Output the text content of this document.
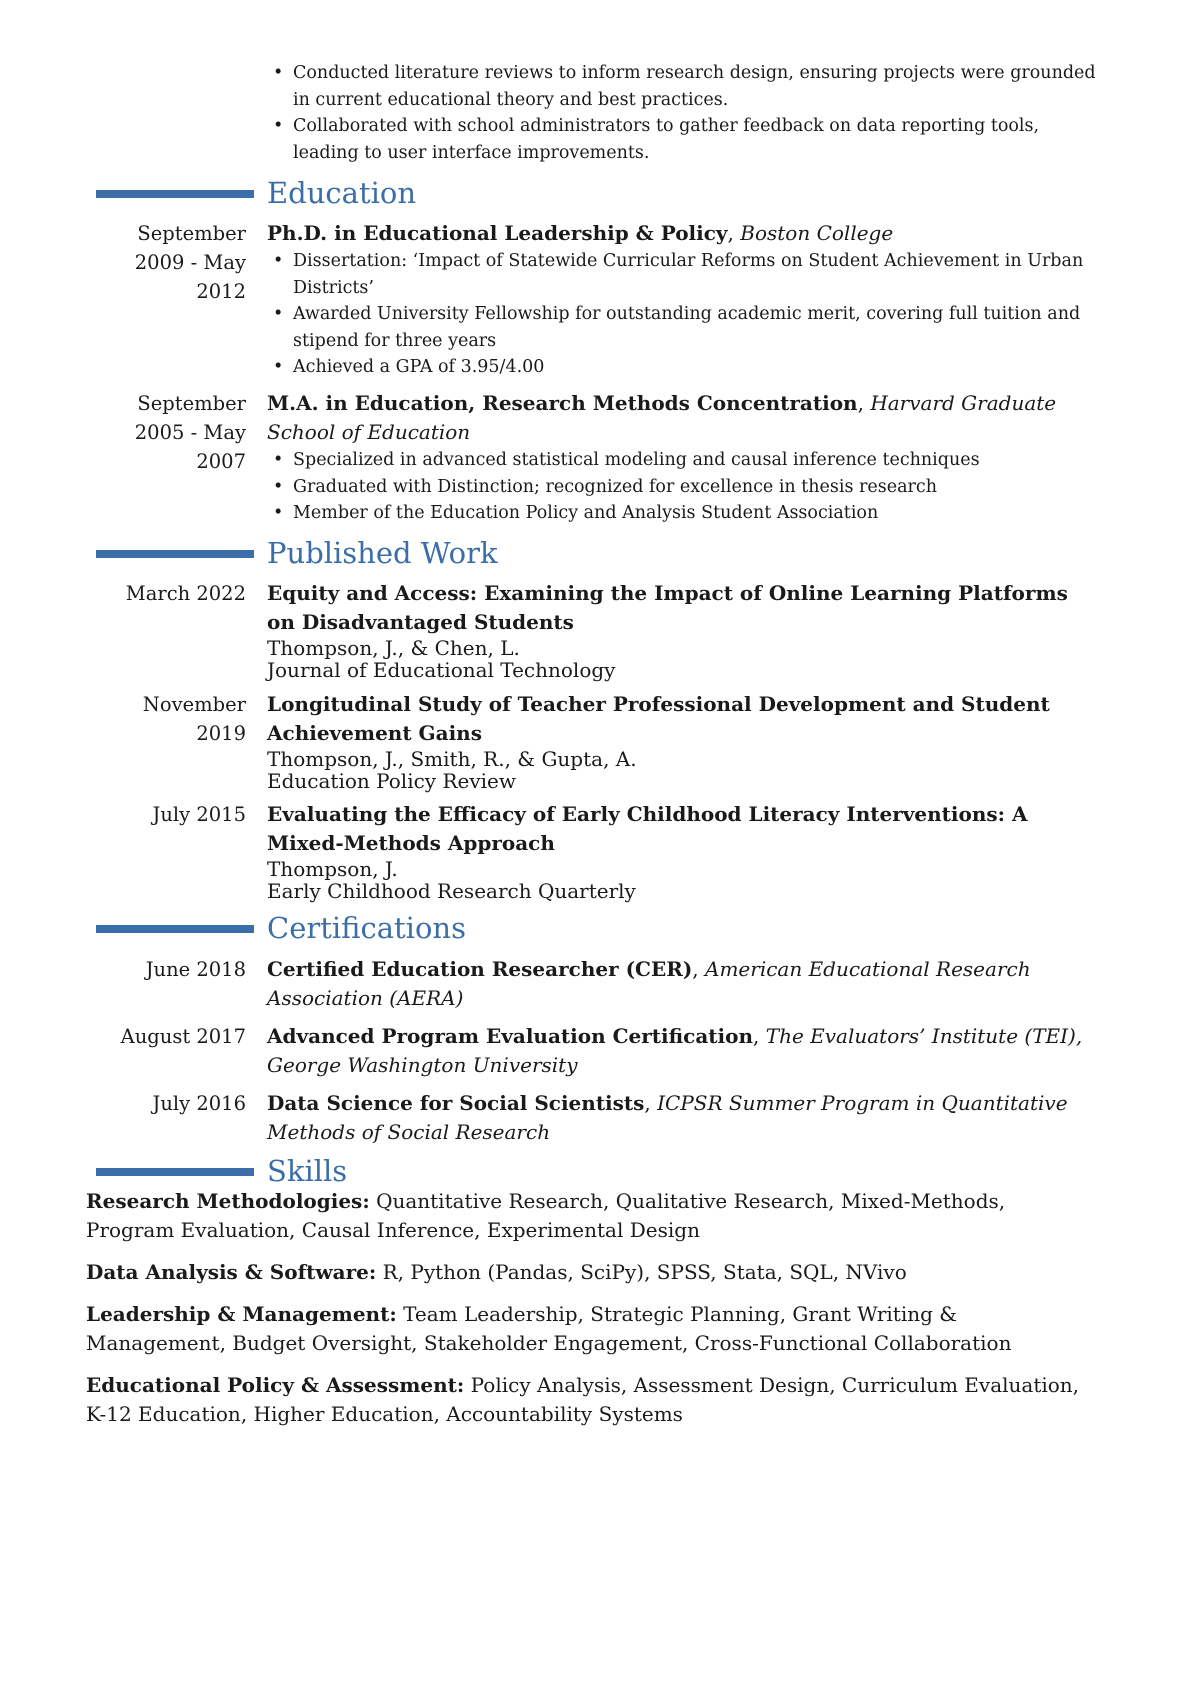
• Conducted literature reviews to inform research design, ensuring projects were grounded in current educational theory and best practices.
• Collaborated with school administrators to gather feedback on data reporting tools, leading to user interface improvements.
Education
September 2009 - May 2012
Ph.D. in Educational Leadership & Policy, Boston College
• Dissertation: ‘Impact of Statewide Curricular Reforms on Student Achievement in Urban Districts’
• Awarded University Fellowship for outstanding academic merit, covering full tuition and stipend for three years
• Achieved a GPA of 3.95/4.00
September 2005 - May 2007
M.A. in Education, Research Methods Concentration, Harvard Graduate School of Education
• Specialized in advanced statistical modeling and causal inference techniques
• Graduated with Distinction; recognized for excellence in thesis research
• Member of the Education Policy and Analysis Student Association
Published Work
March 2022 Equity and Access: Examining the Impact of Online Learning Platforms on Disadvantaged Students
Thompson, J., & Chen, L.
Journal of Educational Technology
November 2019
Longitudinal Study of Teacher Professional Development and Student Achievement Gains
Thompson, J., Smith, R., & Gupta, A.
Education Policy Review
July 2015 Evaluating the Efficacy of Early Childhood Literacy Interventions: A Mixed-Methods Approach
Thompson, J.
Early Childhood Research Quarterly
Certifications
June 2018 Certified Education Researcher (CER), American Educational Research Association (AERA)
August 2017 Advanced Program Evaluation Certification, The Evaluators’ Institute (TEI), George Washington University
July 2016 Data Science for Social Scientists, ICPSR Summer Program in Quantitative Methods of Social Research
Skills
Research Methodologies: Quantitative Research, Qualitative Research, Mixed-Methods, Program Evaluation, Causal Inference, Experimental Design
Data Analysis & Software: R, Python (Pandas, SciPy), SPSS, Stata, SQL, NVivo
Leadership & Management: Team Leadership, Strategic Planning, Grant Writing & Management, Budget Oversight, Stakeholder Engagement, Cross-Functional Collaboration
Educational Policy & Assessment: Policy Analysis, Assessment Design, Curriculum Evaluation, K-12 Education, Higher Education, Accountability Systems
